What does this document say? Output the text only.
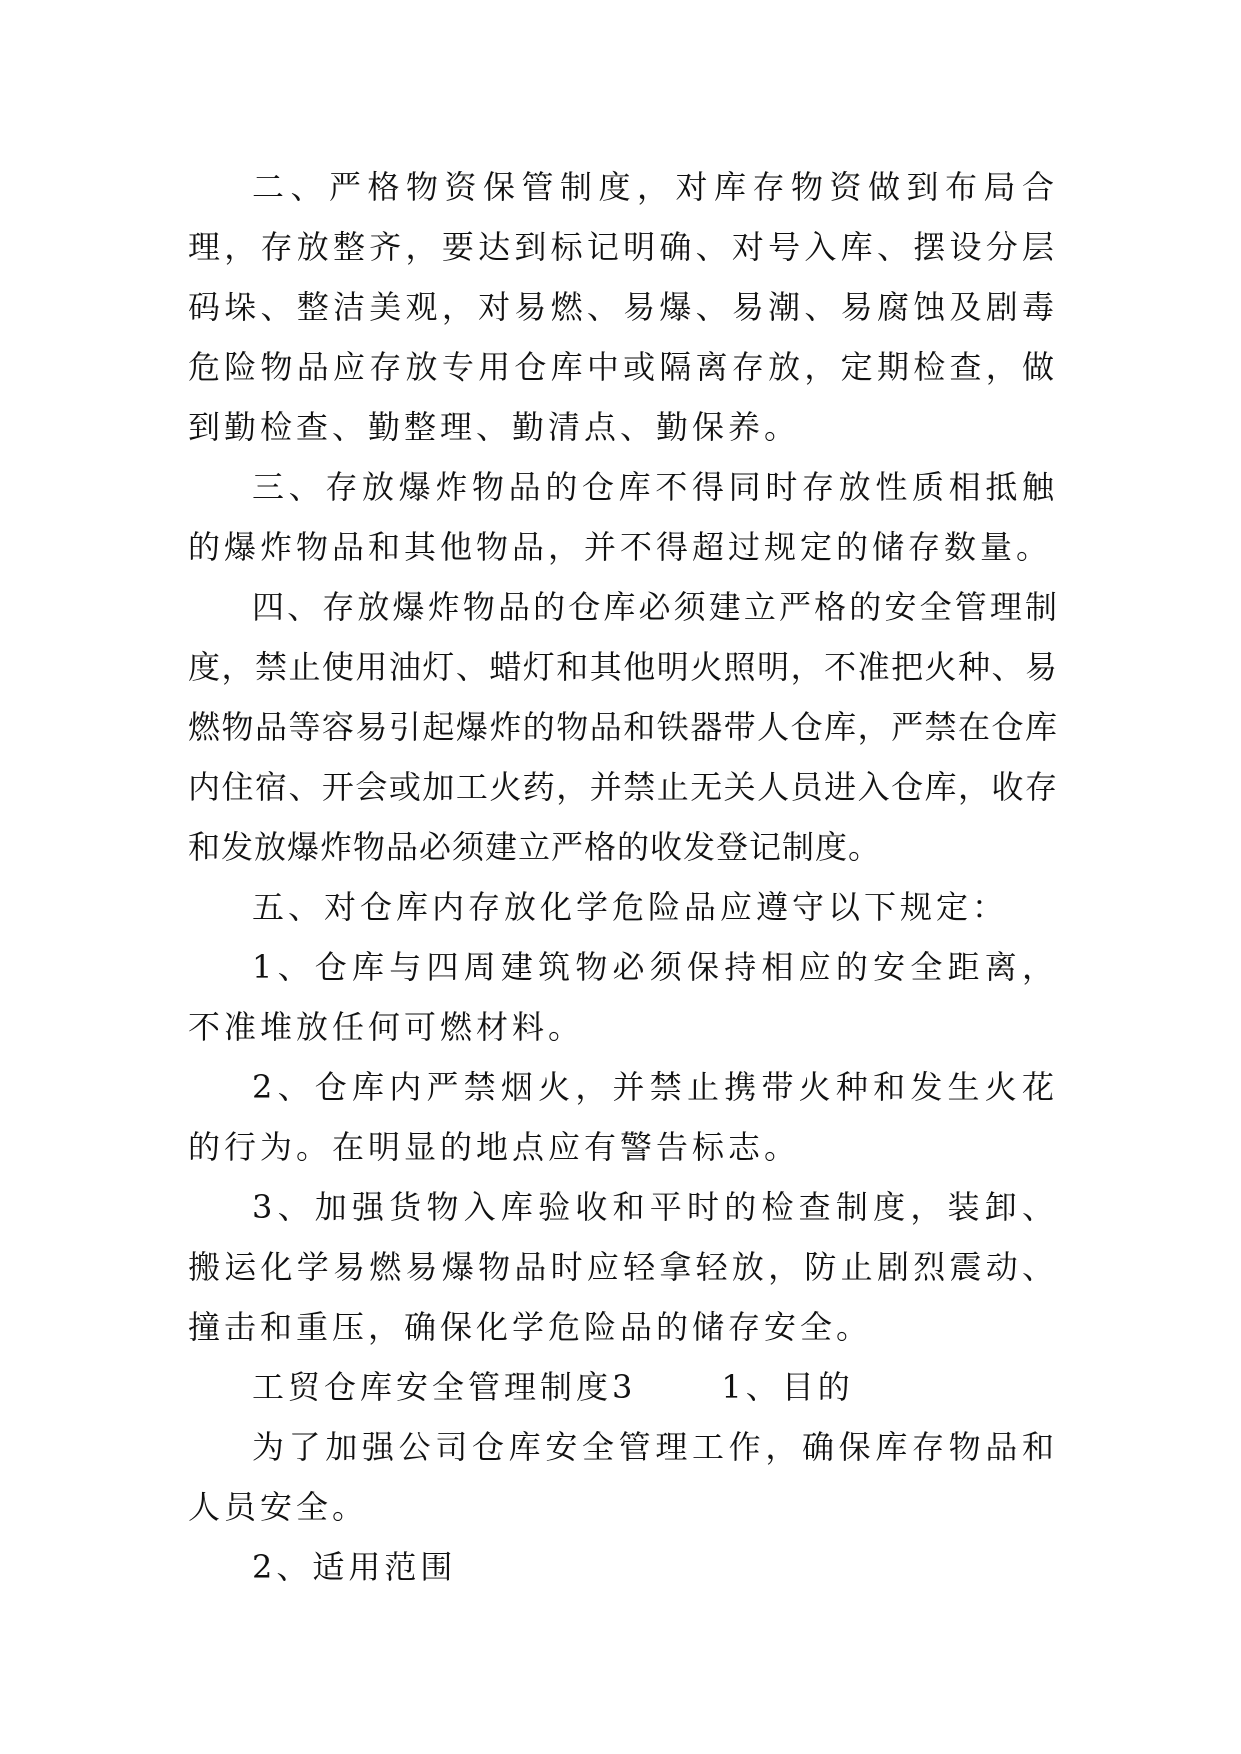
二、严格物资保管制度，对库存物资做到布局合理，存放整齐，要达到标记明确、对号入库、摆设分层码垛、整洁美观，对易燃、易爆、易潮、易腐蚀及剧毒危险物品应存放专用仓库中或隔离存放，定期检查，做到勤检查、勤整理、勤清点、勤保养。

三、存放爆炸物品的仓库不得同时存放性质相抵触的爆炸物品和其他物品，并不得超过规定的储存数量。

四、存放爆炸物品的仓库必须建立严格的安全管理制度，禁止使用油灯、蜡灯和其他明火照明，不准把火种、易燃物品等容易引起爆炸的物品和铁器带人仓库，严禁在仓库内住宿、开会或加工火药，并禁止无关人员进入仓库，收存和发放爆炸物品必须建立严格的收发登记制度。

五、对仓库内存放化学危险品应遵守以下规定：

1、仓库与四周建筑物必须保持相应的安全距离，不准堆放任何可燃材料。

2、仓库内严禁烟火，并禁止携带火种和发生火花的行为。在明显的地点应有警告标志。

3、加强货物入库验收和平时的检查制度，装卸、搬运化学易燃易爆物品时应轻拿轻放，防止剧烈震动、撞击和重压，确保化学危险品的储存安全。

工贸仓库安全管理制度3	1、目的

为了加强公司仓库安全管理工作，确保库存物品和人员安全。

2、适用范围
